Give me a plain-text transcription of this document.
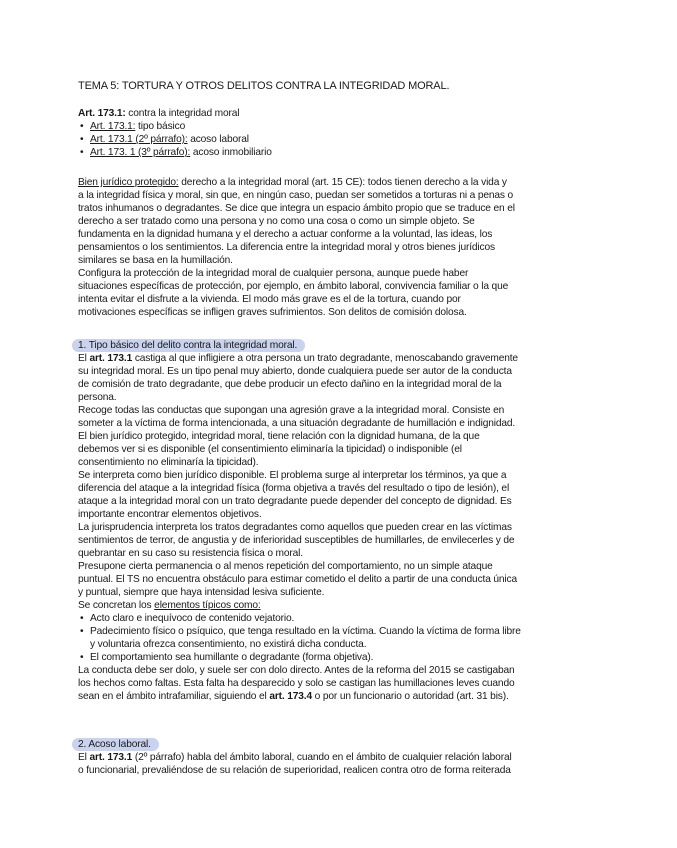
TEMA 5: TORTURA Y OTROS DELITOS CONTRA LA INTEGRIDAD MORAL.
Art. 173.1: contra la integridad moral
• Art. 173.1: tipo básico
• Art. 173.1 (2º párrafo): acoso laboral
• Art. 173. 1 (3º párrafo): acoso inmobiliario

Bien jurídico protegido: derecho a la integridad moral (art. 15 CE): todos tienen derecho a la vida y

a la integridad física y moral, sin que, en ningún caso, puedan ser sometidos a torturas ni a penas o

tratos inhumanos o degradantes. Se dice que integra un espacio ámbito propio que se traduce en el

derecho a ser tratado como una persona y no como una cosa o como un simple objeto. Se

fundamenta en la dignidad humana y el derecho a actuar conforme a la voluntad, las ideas, los

pensamientos o los sentimientos. La diferencia entre la integridad moral y otros bienes jurídicos

similares se basa en la humillación.

Configura la protección de la integridad moral de cualquier persona, aunque puede haber

situaciones específicas de protección, por ejemplo, en ámbito laboral, convivencia familiar o la que

intenta evitar el disfrute a la vivienda. El modo más grave es el de la tortura, cuando por

motivaciones específicas se infligen graves sufrimientos. Son delitos de comisión dolosa.

1. Tipo básico del delito contra la integridad moral.

El art. 173.1 castiga al que infligiere a otra persona un trato degradante, menoscabando gravemente

su integridad moral. Es un tipo penal muy abierto, donde cualquiera puede ser autor de la conducta

de comisión de trato degradante, que debe producir un efecto dañino en la integridad moral de la

persona.

Recoge todas las conductas que supongan una agresión grave a la integridad moral. Consiste en

someter a la víctima de forma intencionada, a una situación degradante de humillación e indignidad.

El bien jurídico protegido, integridad moral, tiene relación con la dignidad humana, de la que

debemos ver si es disponible (el consentimiento eliminaría la tipicidad) o indisponible (el

consentimiento no eliminaría la tipicidad).

Se interpreta como bien jurídico disponible. El problema surge al interpretar los términos, ya que a

diferencia del ataque a la integridad física (forma objetiva a través del resultado o tipo de lesión), el

ataque a la integridad moral con un trato degradante puede depender del concepto de dignidad. Es

importante encontrar elementos objetivos.

La jurisprudencia interpreta los tratos degradantes como aquellos que pueden crear en las víctimas

sentimientos de terror, de angustia y de inferioridad susceptibles de humillarles, de envilecerles y de

quebrantar en su caso su resistencia física o moral.

Presupone cierta permanencia o al menos repetición del comportamiento, no un simple ataque

puntual. El TS no encuentra obstáculo para estimar cometido el delito a partir de una conducta única

y puntual, siempre que haya intensidad lesiva suficiente.

Se concretan los elementos típicos como:

• Acto claro e inequívoco de contenido vejatorio.
• Padecimiento físico o psíquico, que tenga resultado en la víctima. Cuando la víctima de forma libre
y voluntaria ofrezca consentimiento, no existirá dicha conducta.
• El comportamiento sea humillante o degradante (forma objetiva).

La conducta debe ser dolo, y suele ser con dolo directo. Antes de la reforma del 2015 se castigaban

los hechos como faltas. Esta falta ha desparecido y solo se castigan las humillaciones leves cuando

sean en el ámbito intrafamiliar, siguiendo el art. 173.4 o por un funcionario o autoridad (art. 31 bis).

2. Acoso laboral.

El art. 173.1 (2º párrafo) habla del ámbito laboral, cuando en el ámbito de cualquier relación laboral

o funcionarial, prevaliéndose de su relación de superioridad, realicen contra otro de forma reiterada
